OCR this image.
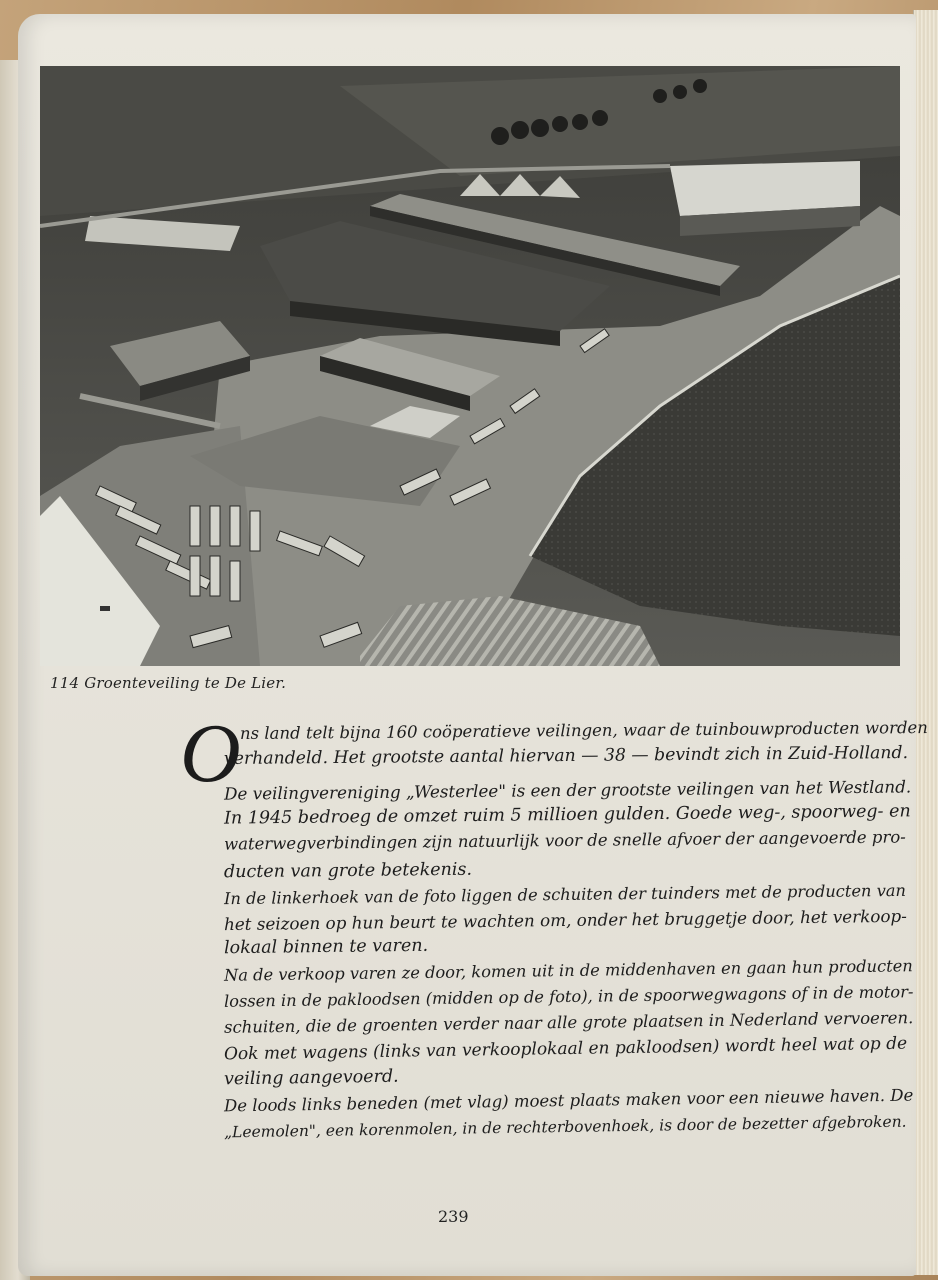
114 Groenteveiling te De Lier.
O ns land telt bijna 160 coöperatieve veilingen, waar de tuinbouwproducten worden
verhandeld. Het grootste aantal hiervan — 38 — bevindt zich in Zuid-Holland.
De veilingvereniging „Westerlee" is een der grootste veilingen van het Westland.
In 1945 bedroeg de omzet ruim 5 millioen gulden. Goede weg-, spoorweg- en
waterwegverbindingen zijn natuurlijk voor de snelle afvoer der aangevoerde pro-
ducten van grote betekenis.
In de linkerhoek van de foto liggen de schuiten der tuinders met de producten van
het seizoen op hun beurt te wachten om, onder het bruggetje door, het verkoop-
lokaal binnen te varen.
Na de verkoop varen ze door, komen uit in de middenhaven en gaan hun producten
lossen in de pakloodsen (midden op de foto), in de spoorwegwagons of in de motor-
schuiten, die de groenten verder naar alle grote plaatsen in Nederland vervoeren.
Ook met wagens (links van verkooplokaal en pakloodsen) wordt heel wat op de
veiling aangevoerd.
De loods links beneden (met vlag) moest plaats maken voor een nieuwe haven. De
„Leemolen", een korenmolen, in de rechterbovenhoek, is door de bezetter afgebroken.
239
